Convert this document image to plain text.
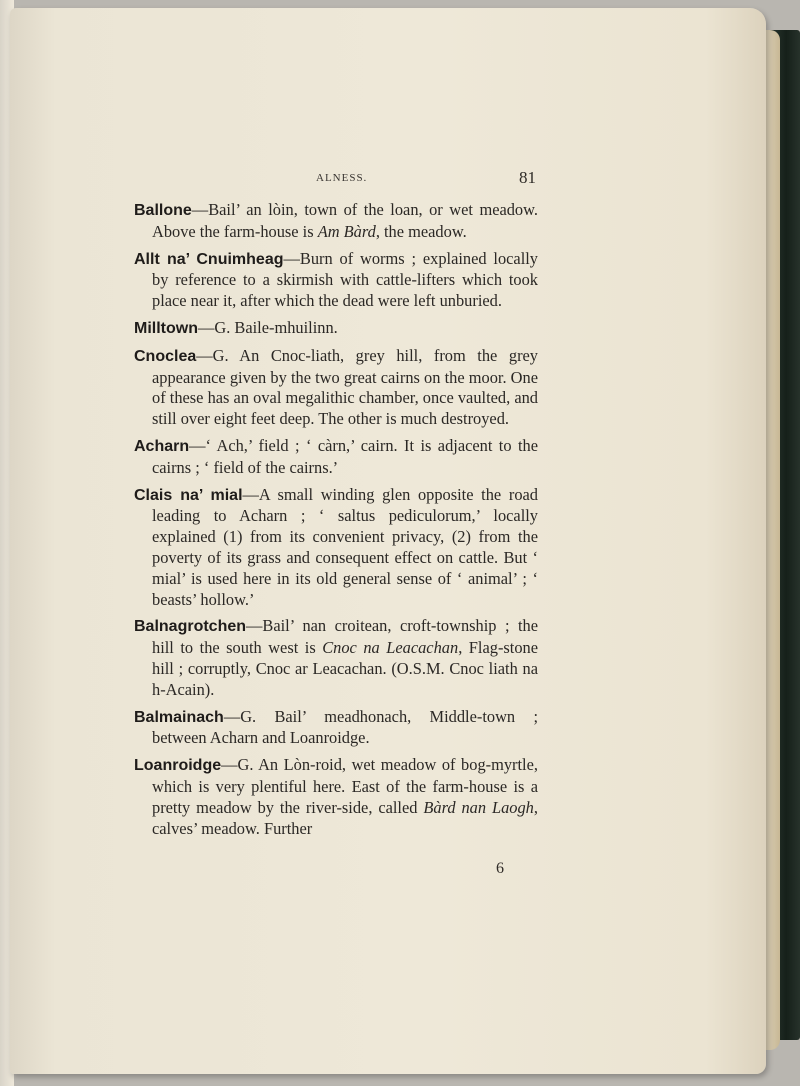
ALNESS.	81

Ballone—Bail’ an lòin, town of the loan, or wet meadow. Above the farm-house is Am Bàrd, the meadow.

Allt na’ Cnuimheag—Burn of worms ; explained locally by reference to a skirmish with cattle-lifters which took place near it, after which the dead were left unburied.

Milltown—G. Baile-mhuilinn.

Cnoclea—G. An Cnoc-liath, grey hill, from the grey appearance given by the two great cairns on the moor. One of these has an oval megalithic chamber, once vaulted, and still over eight feet deep. The other is much destroyed.

Acharn—‘ Ach,’ field ; ‘ càrn,’ cairn. It is adjacent to the cairns ; ‘ field of the cairns.’

Clais na’ mial—A small winding glen opposite the road leading to Acharn ; ‘ saltus pediculorum,’ locally explained (1) from its convenient privacy, (2) from the poverty of its grass and consequent effect on cattle. But ‘ mial’ is used here in its old general sense of ‘ animal’ ; ‘ beasts’ hollow.’

Balnagrotchen—Bail’ nan croitean, croft-township ; the hill to the south west is Cnoc na Leacachan, Flag-stone hill ; corruptly, Cnoc ar Leacachan. (O.S.M. Cnoc liath na h-Acain).

Balmainach—G. Bail’ meadhonach, Middle-town ; between Acharn and Loanroidge.

Loanroidge—G. An Lòn-roid, wet meadow of bog-myrtle, which is very plentiful here. East of the farm-house is a pretty meadow by the river-side, called Bàrd nan Laogh, calves’ meadow. Further

6
